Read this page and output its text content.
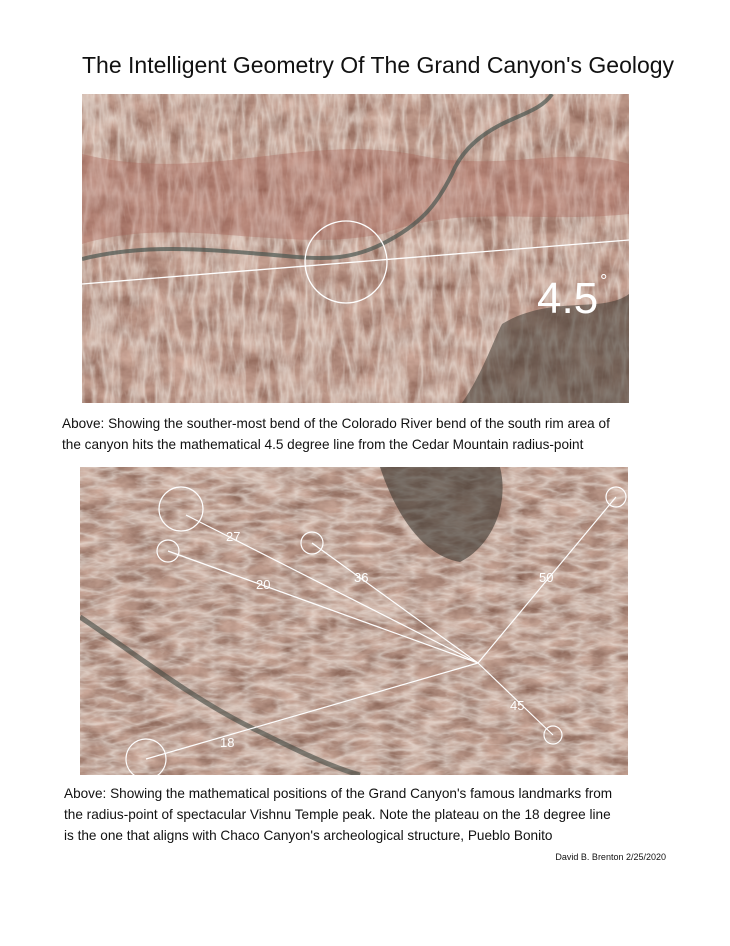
The Intelligent Geometry Of The Grand Canyon's Geology
4.5 °
Above: Showing the souther-most bend of the Colorado River bend of the south rim area of
the canyon hits the mathematical 4.5 degree line from the Cedar Mountain radius-point
27
20	36	50
45
18
Above: Showing the mathematical positions of the Grand Canyon's famous landmarks from
the radius-point of spectacular Vishnu Temple peak. Note the plateau on the 18 degree line
is the one that aligns with Chaco Canyon's archeological structure, Pueblo Bonito
David B. Brenton 2/25/2020
